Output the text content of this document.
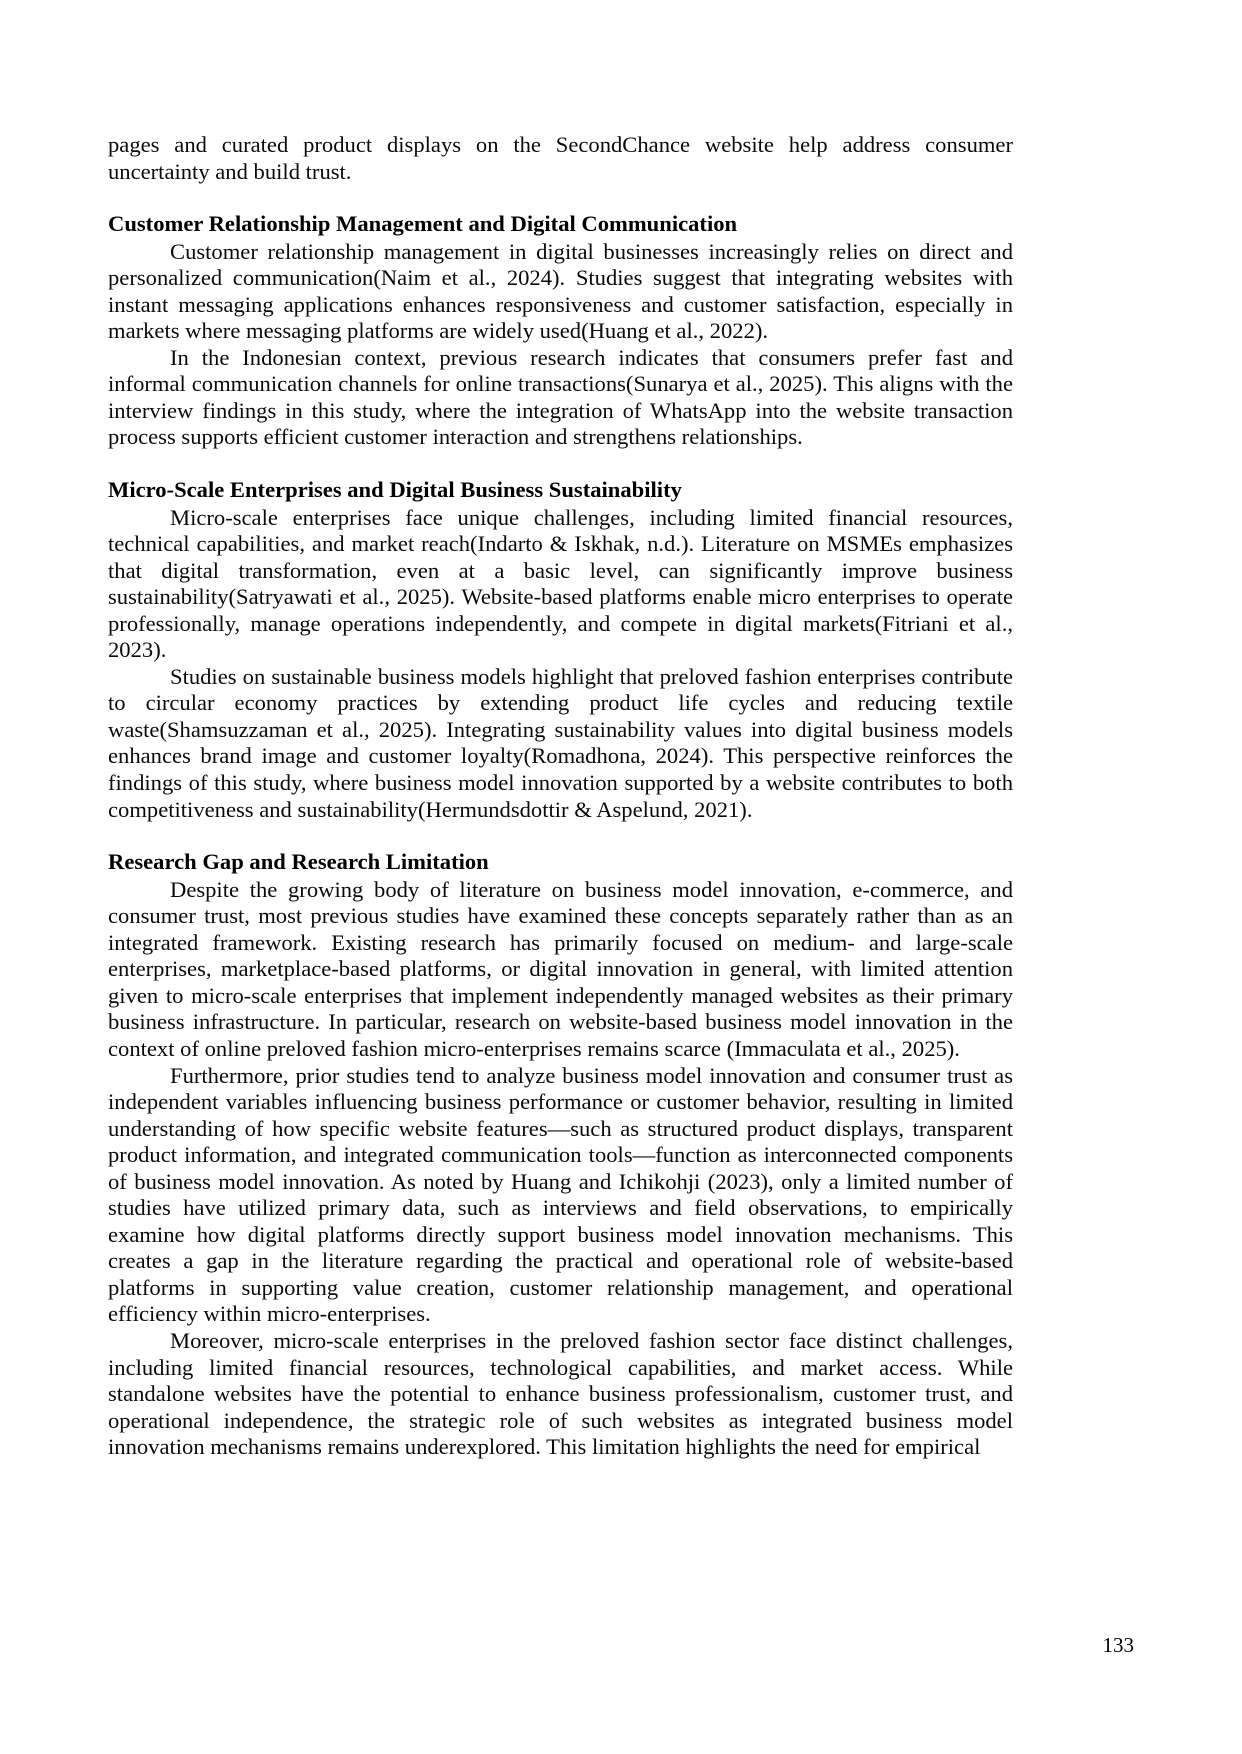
pages and curated product displays on the SecondChance website help address consumer uncertainty and build trust.

Customer Relationship Management and Digital Communication

Customer relationship management in digital businesses increasingly relies on direct and personalized communication(Naim et al., 2024). Studies suggest that integrating websites with instant messaging applications enhances responsiveness and customer satisfaction, especially in markets where messaging platforms are widely used(Huang et al., 2022).

In the Indonesian context, previous research indicates that consumers prefer fast and informal communication channels for online transactions(Sunarya et al., 2025). This aligns with the interview findings in this study, where the integration of WhatsApp into the website transaction process supports efficient customer interaction and strengthens relationships.

Micro-Scale Enterprises and Digital Business Sustainability

Micro-scale enterprises face unique challenges, including limited financial resources, technical capabilities, and market reach(Indarto & Iskhak, n.d.). Literature on MSMEs emphasizes that digital transformation, even at a basic level, can significantly improve business sustainability(Satryawati et al., 2025). Website-based platforms enable micro enterprises to operate professionally, manage operations independently, and compete in digital markets(Fitriani et al., 2023).

Studies on sustainable business models highlight that preloved fashion enterprises contribute to circular economy practices by extending product life cycles and reducing textile waste(Shamsuzzaman et al., 2025). Integrating sustainability values into digital business models enhances brand image and customer loyalty(Romadhona, 2024). This perspective reinforces the findings of this study, where business model innovation supported by a website contributes to both competitiveness and sustainability(Hermundsdottir & Aspelund, 2021).

Research Gap and Research Limitation

Despite the growing body of literature on business model innovation, e-commerce, and consumer trust, most previous studies have examined these concepts separately rather than as an integrated framework. Existing research has primarily focused on medium- and large-scale enterprises, marketplace-based platforms, or digital innovation in general, with limited attention given to micro-scale enterprises that implement independently managed websites as their primary business infrastructure. In particular, research on website-based business model innovation in the context of online preloved fashion micro-enterprises remains scarce (Immaculata et al., 2025).

Furthermore, prior studies tend to analyze business model innovation and consumer trust as independent variables influencing business performance or customer behavior, resulting in limited understanding of how specific website features—such as structured product displays, transparent product information, and integrated communication tools—function as interconnected components of business model innovation. As noted by Huang and Ichikohji (2023), only a limited number of studies have utilized primary data, such as interviews and field observations, to empirically examine how digital platforms directly support business model innovation mechanisms. This creates a gap in the literature regarding the practical and operational role of website-based platforms in supporting value creation, customer relationship management, and operational efficiency within micro-enterprises.

Moreover, micro-scale enterprises in the preloved fashion sector face distinct challenges, including limited financial resources, technological capabilities, and market access. While standalone websites have the potential to enhance business professionalism, customer trust, and operational independence, the strategic role of such websites as integrated business model innovation mechanisms remains underexplored. This limitation highlights the need for empirical

133
